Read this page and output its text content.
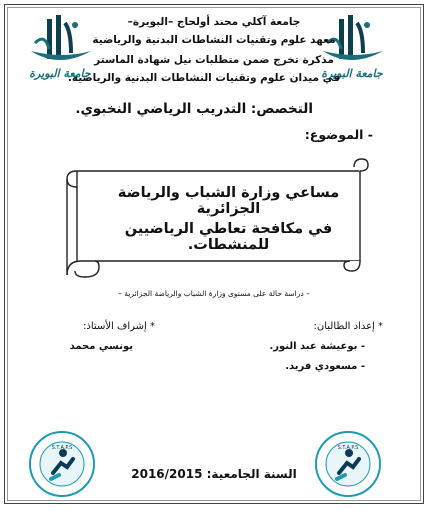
جامعة البويرة	جامعة البويرة
جامعة آكلي محند أولحاج –البويرة–
معهد علوم وتقنيات النشاطات البدنية والرياضية
مذكرة تخرج ضمن متطلبات نيل شهادة الماستر
في ميدان علوم وتقنيات النشاطات البدنية والرياضية.
التخصص: التدريب الرياضي النخبوي.
- الموضوع:
مساعي وزارة الشباب والرياضة الجزائرية
في مكافحة تعاطي الرياضيين للمنشطات.
– دراسة حالة على مستوى وزارة الشباب والرياضة الجزائرية –
* إعداد الطالبان:
- بوعيشة عبد النور.
- مسعودي فريد.
* إشراف الأستاذ:
يونسي محمد
S.T.A.P.S	S.T.A.P.S
السنة الجامعية: 2016/2015
